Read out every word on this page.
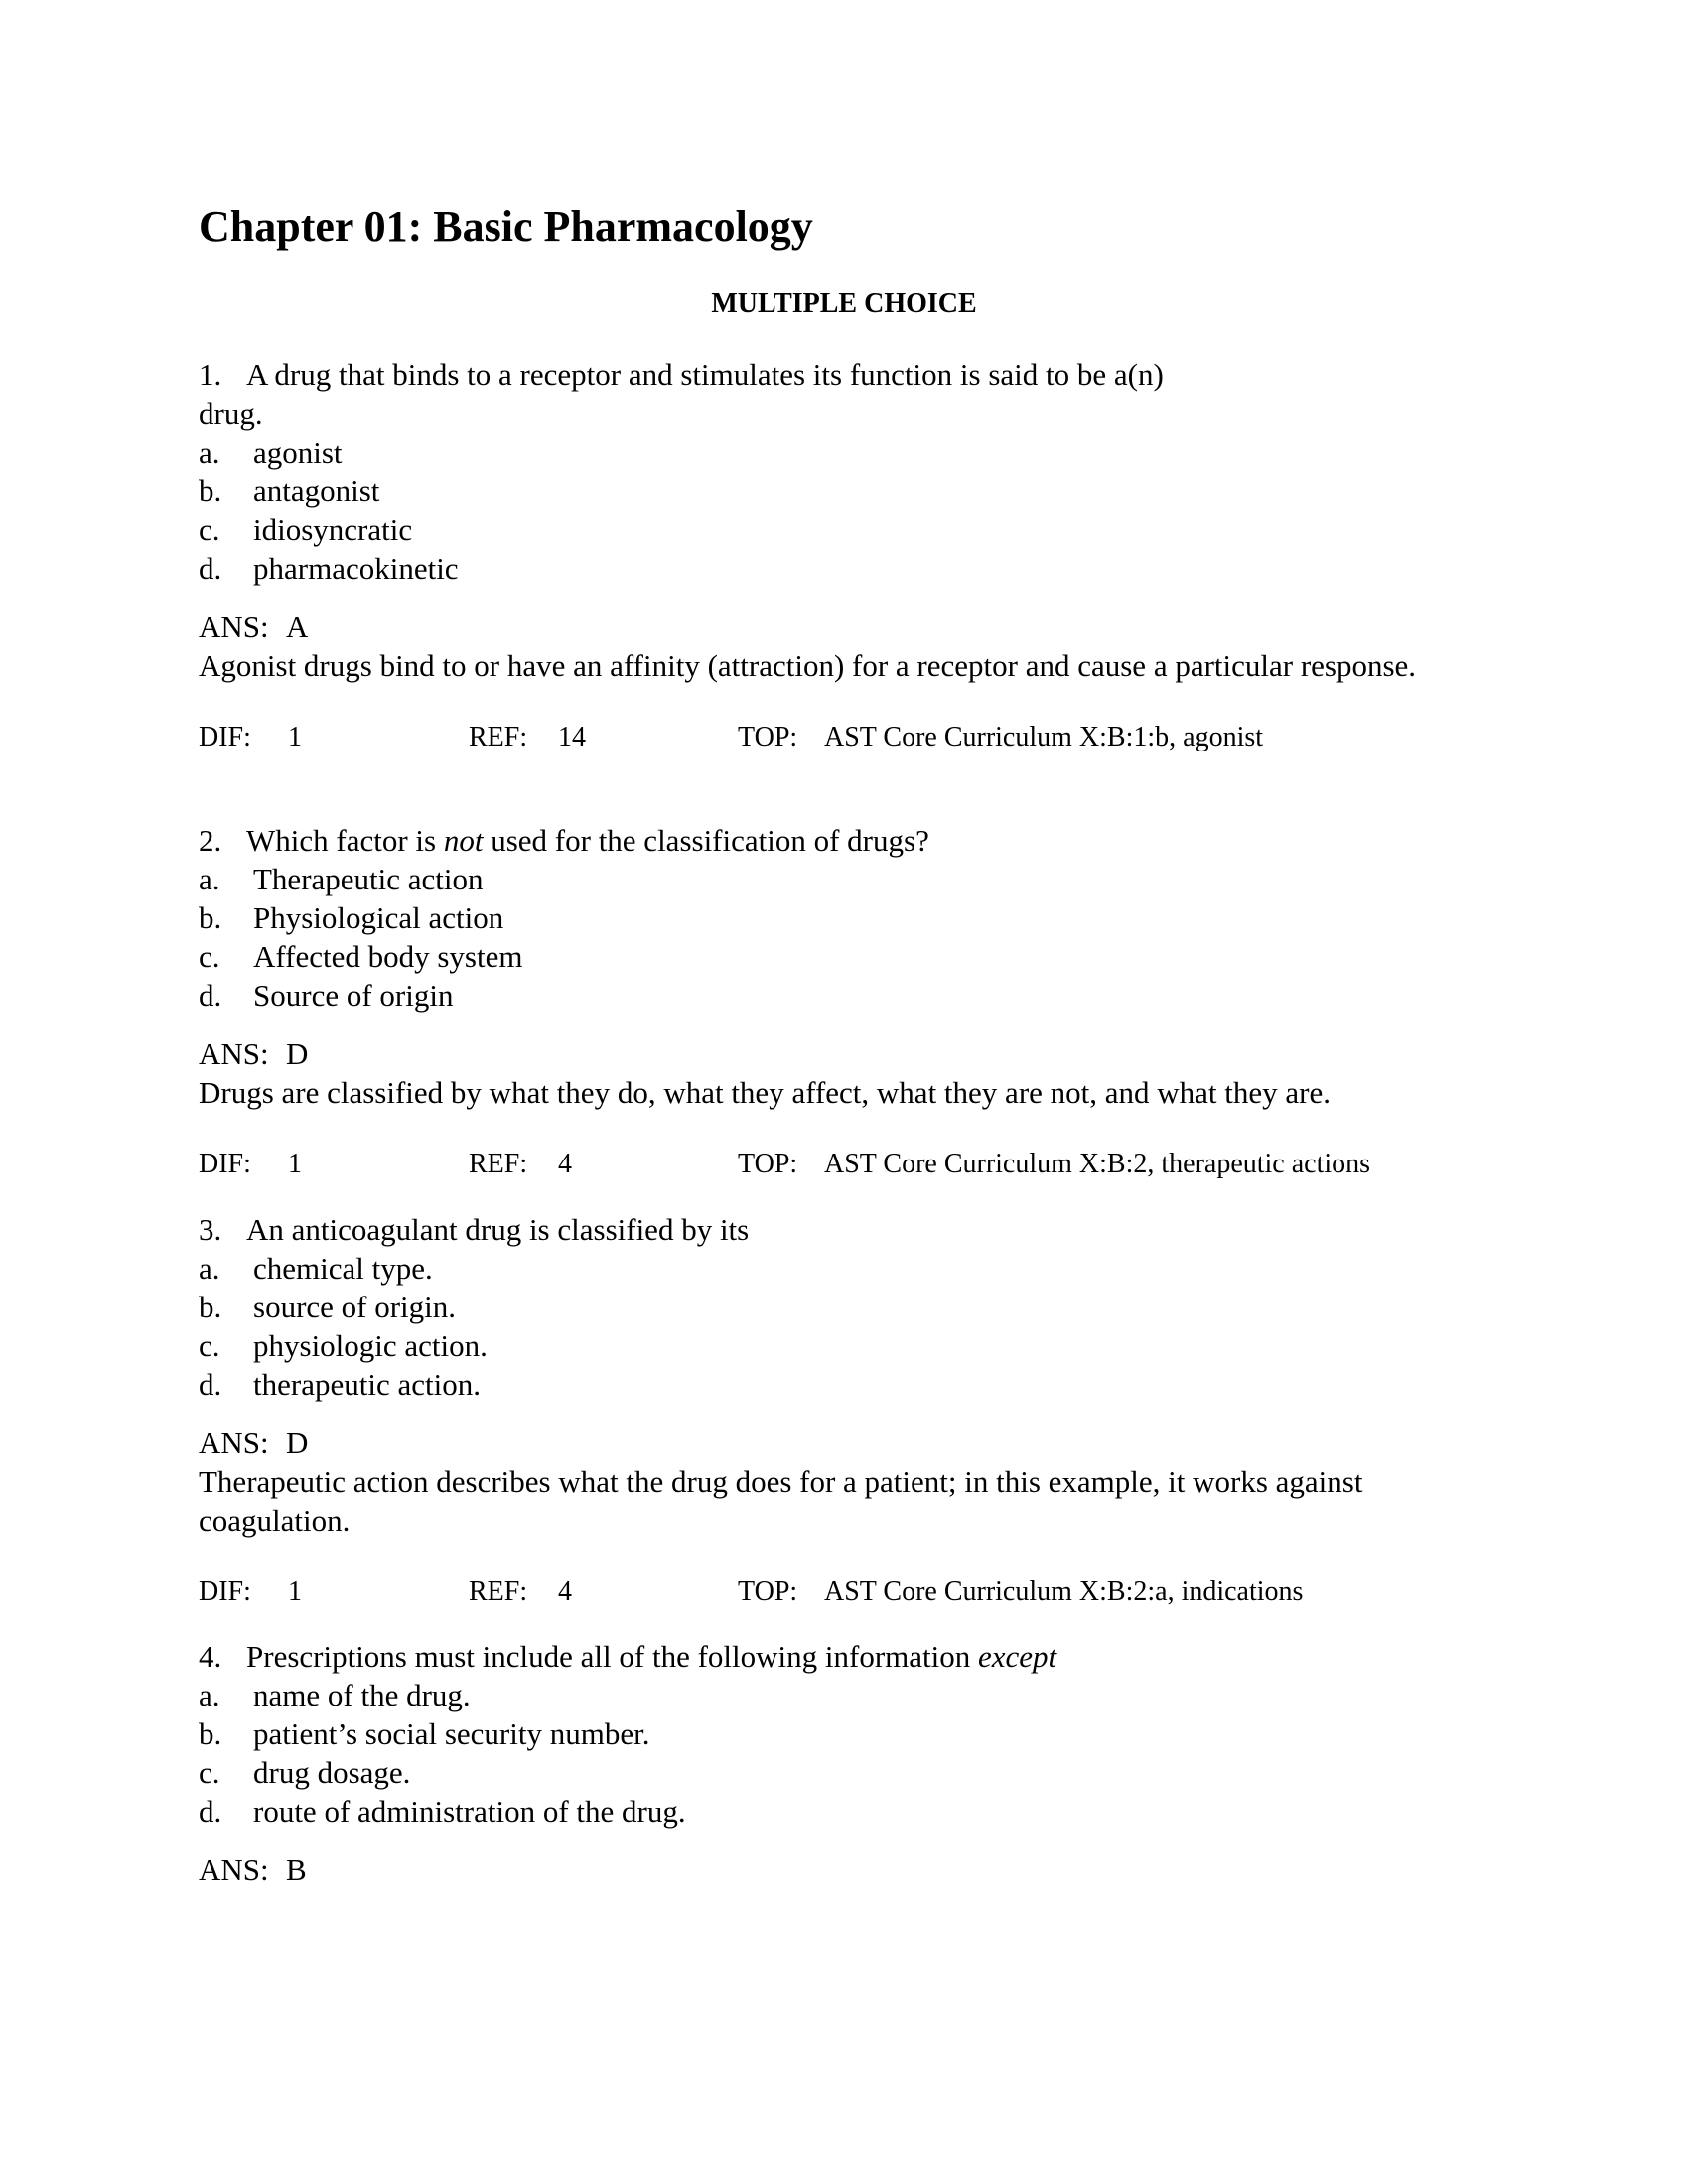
Chapter 01: Basic Pharmacology
MULTIPLE CHOICE
1. A drug that binds to a receptor and stimulates its function is said to be a(n)
drug.
a. agonist
b. antagonist
c. idiosyncratic
d. pharmacokinetic
ANS: A
Agonist drugs bind to or have an affinity (attraction) for a receptor and cause a particular response.
DIF: 1	REF: 14	TOP: AST Core Curriculum X:B:1:b, agonist
2. Which factor is not used for the classification of drugs?
a. Therapeutic action
b. Physiological action
c. Affected body system
d. Source of origin
ANS: D
Drugs are classified by what they do, what they affect, what they are not, and what they are.
DIF: 1	REF: 4	TOP: AST Core Curriculum X:B:2, therapeutic actions
3. An anticoagulant drug is classified by its
a. chemical type.
b. source of origin.
c. physiologic action.
d. therapeutic action.
ANS: D
Therapeutic action describes what the drug does for a patient; in this example, it works against coagulation.
DIF: 1	REF: 4	TOP: AST Core Curriculum X:B:2:a, indications
4. Prescriptions must include all of the following information except
a. name of the drug.
b. patient’s social security number.
c. drug dosage.
d. route of administration of the drug.
ANS: B
